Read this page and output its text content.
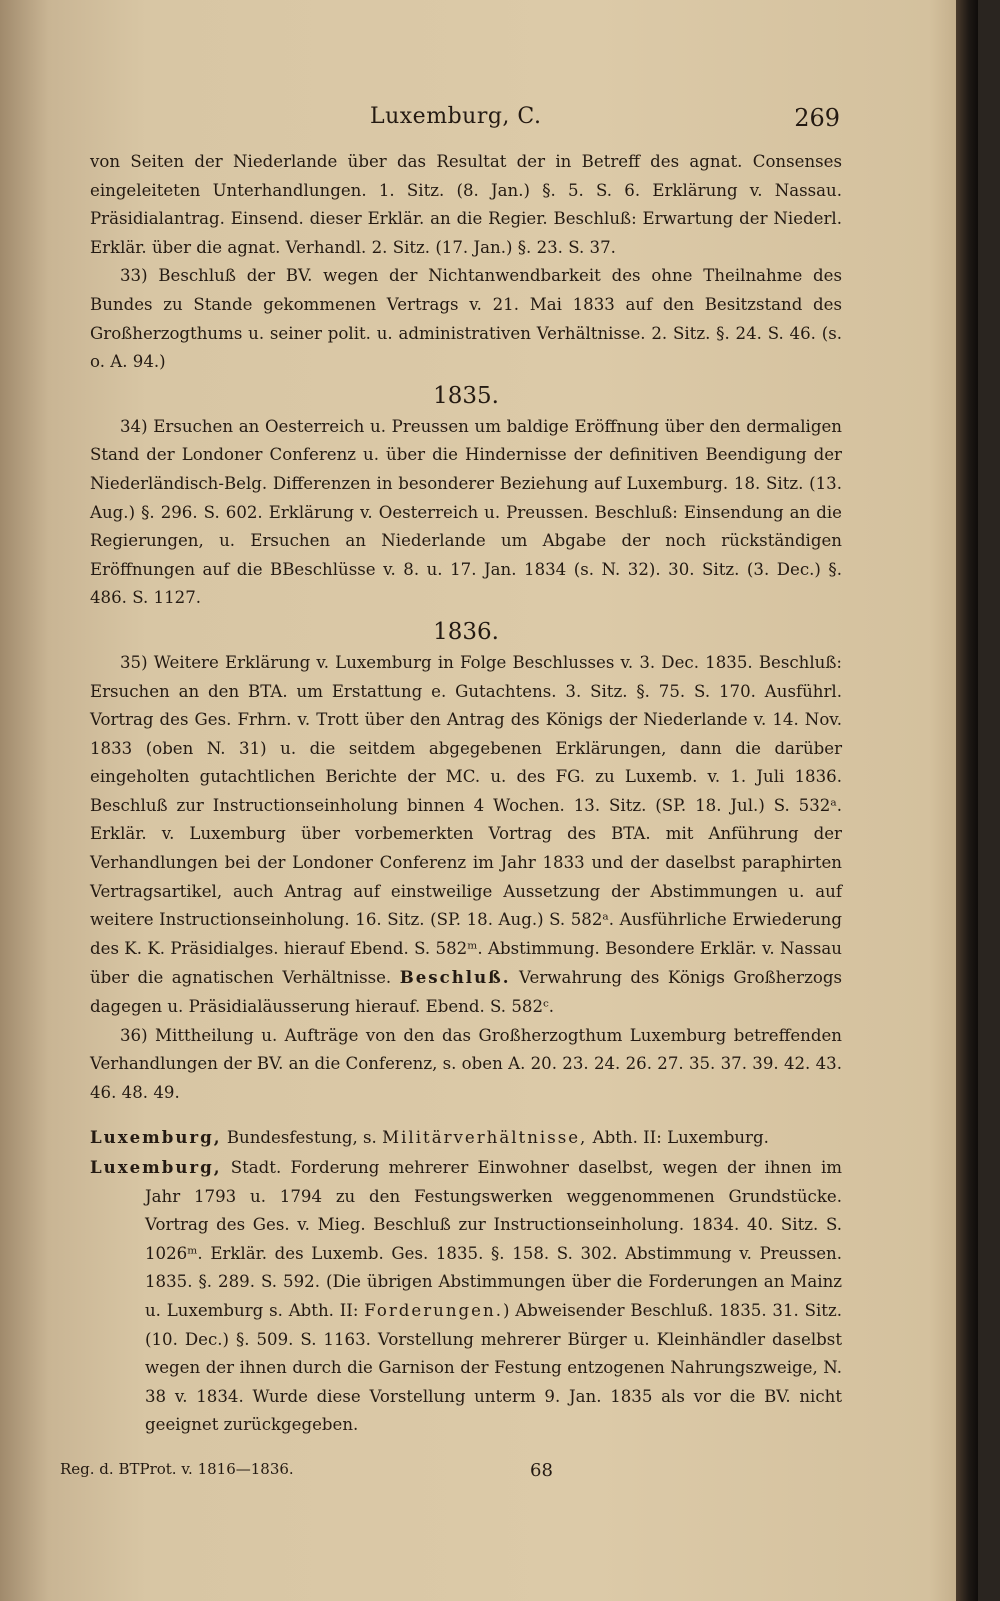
Luxemburg, C.	269

von Seiten der Niederlande über das Resultat der in Betreff des agnat. Consenses eingeleiteten Unterhandlungen. 1. Sitz. (8. Jan.) §. 5. S. 6. Erklärung v. Nassau. Präsidialantrag. Einsend. dieser Erklär. an die Regier. Beschluß: Erwartung der Niederl. Erklär. über die agnat. Verhandl. 2. Sitz. (17. Jan.) §. 23. S. 37.

33) Beschluß der BV. wegen der Nichtanwendbarkeit des ohne Theilnahme des Bundes zu Stande gekommenen Vertrags v. 21. Mai 1833 auf den Besitzstand des Großherzogthums u. seiner polit. u. administrativen Verhältnisse. 2. Sitz. §. 24. S. 46. (s. o. A. 94.)

1835.

34) Ersuchen an Oesterreich u. Preussen um baldige Eröffnung über den dermaligen Stand der Londoner Conferenz u. über die Hindernisse der definitiven Beendigung der Niederländisch-Belg. Differenzen in besonderer Beziehung auf Luxemburg. 18. Sitz. (13. Aug.) §. 296. S. 602. Erklärung v. Oesterreich u. Preussen. Beschluß: Einsendung an die Regierungen, u. Ersuchen an Niederlande um Abgabe der noch rückständigen Eröffnungen auf die BBeschlüsse v. 8. u. 17. Jan. 1834 (s. N. 32). 30. Sitz. (3. Dec.) §. 486. S. 1127.

1836.

35) Weitere Erklärung v. Luxemburg in Folge Beschlusses v. 3. Dec. 1835. Beschluß: Ersuchen an den BTA. um Erstattung e. Gutachtens. 3. Sitz. §. 75. S. 170. Ausführl. Vortrag des Ges. Frhrn. v. Trott über den Antrag des Königs der Niederlande v. 14. Nov. 1833 (oben N. 31) u. die seitdem abgegebenen Erklärungen, dann die darüber eingeholten gutachtlichen Berichte der MC. u. des FG. zu Luxemb. v. 1. Juli 1836. Beschluß zur Instructionseinholung binnen 4 Wochen. 13. Sitz. (SP. 18. Jul.) S. 532ᵃ. Erklär. v. Luxemburg über vorbemerkten Vortrag des BTA. mit Anführung der Verhandlungen bei der Londoner Conferenz im Jahr 1833 und der daselbst paraphirten Vertragsartikel, auch Antrag auf einstweilige Aussetzung der Abstimmungen u. auf weitere Instructionseinholung. 16. Sitz. (SP. 18. Aug.) S. 582ᵃ. Ausführliche Erwiederung des K. K. Präsidialges. hierauf Ebend. S. 582ᵐ. Abstimmung. Besondere Erklär. v. Nassau über die agnatischen Verhältnisse. Beschluß. Verwahrung des Königs Großherzogs dagegen u. Präsidialäusserung hierauf. Ebend. S. 582ᶜ.

36) Mittheilung u. Aufträge von den das Großherzogthum Luxemburg betreffenden Verhandlungen der BV. an die Conferenz, s. oben A. 20. 23. 24. 26. 27. 35. 37. 39. 42. 43. 46. 48. 49.

Luxemburg, Bundesfestung, s. Militärverhältnisse, Abth. II: Luxemburg.

Luxemburg, Stadt. Forderung mehrerer Einwohner daselbst, wegen der ihnen im Jahr 1793 u. 1794 zu den Festungswerken weggenommenen Grundstücke. Vortrag des Ges. v. Mieg. Beschluß zur Instructionseinholung. 1834. 40. Sitz. S. 1026ᵐ. Erklär. des Luxemb. Ges. 1835. §. 158. S. 302. Abstimmung v. Preussen. 1835. §. 289. S. 592. (Die übrigen Abstimmungen über die Forderungen an Mainz u. Luxemburg s. Abth. II: Forderungen.) Abweisender Beschluß. 1835. 31. Sitz. (10. Dec.) §. 509. S. 1163. Vorstellung mehrerer Bürger u. Kleinhändler daselbst wegen der ihnen durch die Garnison der Festung entzogenen Nahrungszweige, N. 38 v. 1834. Wurde diese Vorstellung unterm 9. Jan. 1835 als vor die BV. nicht geeignet zurückgegeben.

Reg. d. BTProt. v. 1816—1836.	68
